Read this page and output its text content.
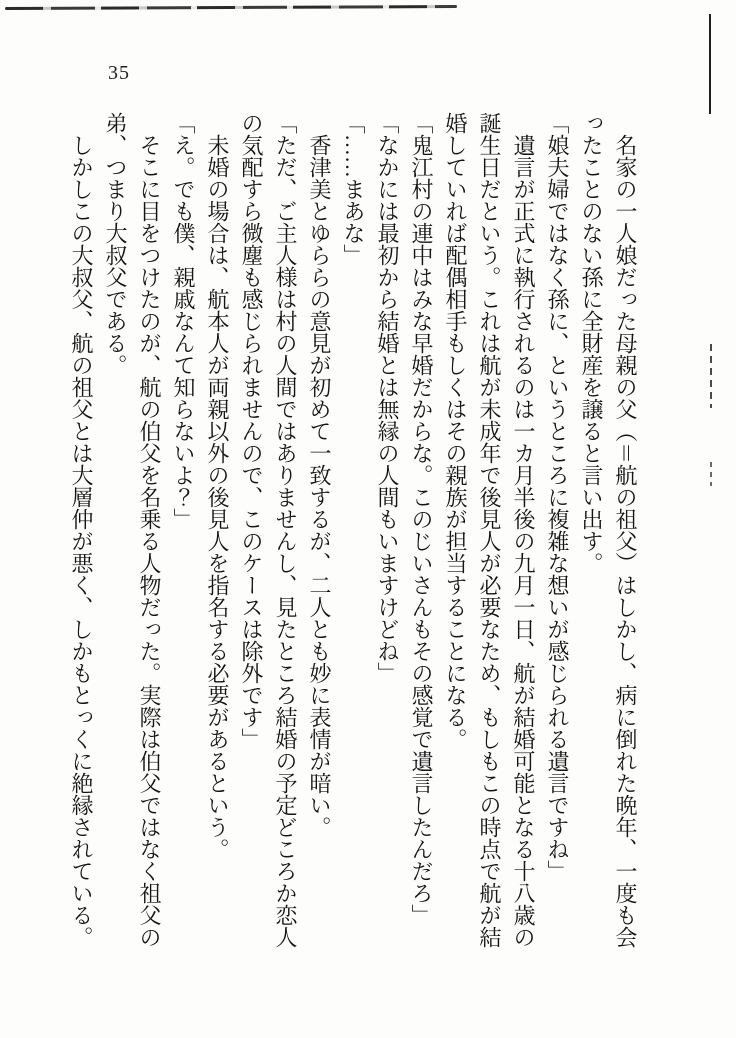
35

名家の一人娘だった母親の父（＝航の祖父）はしかし、病に倒れた晩年、一度も会ったことのない孫に全財産を譲ると言い出す。

「娘夫婦ではなく孫に、というところに複雑な想いが感じられる遺言ですね」

遺言が正式に執行されるのは一カ月半後の九月一日、航が結婚可能となる十八歳の誕生日だという。これは航が未成年で後見人が必要なため、もしもこの時点で航が結婚していれば配偶相手もしくはその親族が担当することになる。

「鬼江村の連中はみな早婚だからな。このじいさんもその感覚で遺言したんだろ」

「なかには最初から結婚とは無縁の人間もいますけどね」

「……まあな」

香津美とゆららの意見が初めて一致するが、二人とも妙に表情が暗い。

「ただ、ご主人様は村の人間ではありませんし、見たところ結婚の予定どころか恋人の気配すら微塵も感じられませんので、このケースは除外です」

未婚の場合は、航本人が両親以外の後見人を指名する必要があるという。

「え。でも僕、親戚なんて知らないよ？」

そこに目をつけたのが、航の伯父を名乗る人物だった。実際は伯父ではなく祖父の弟、つまり大叔父である。

しかしこの大叔父、航の祖父とは大層仲が悪く、しかもとっくに絶縁されている。
